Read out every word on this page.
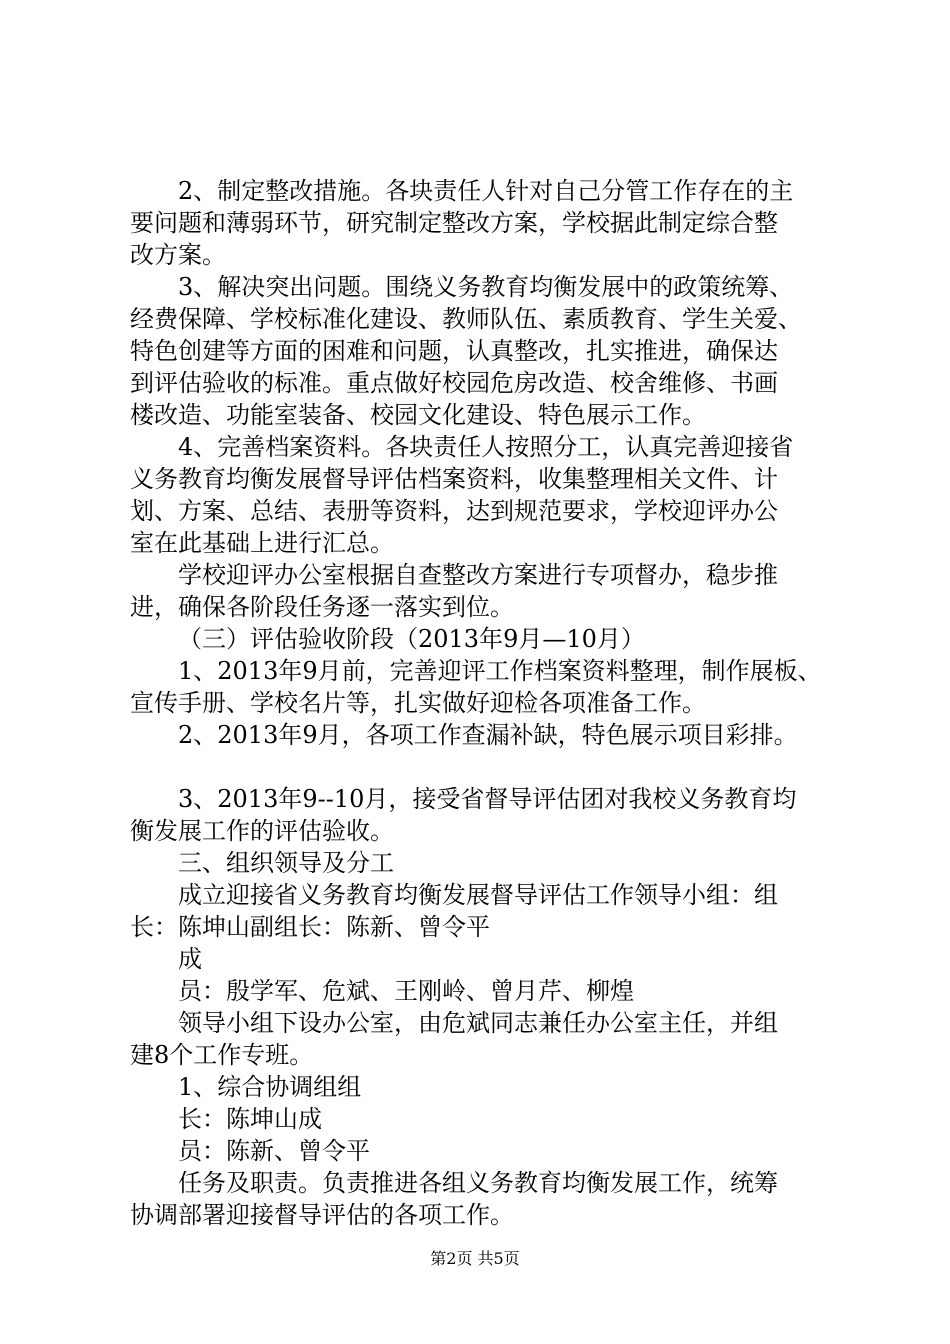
2、制定整改措施。各块责任人针对自己分管工作存在的主
要问题和薄弱环节，研究制定整改方案，学校据此制定综合整
改方案。
3、解决突出问题。围绕义务教育均衡发展中的政策统筹、
经费保障、学校标准化建设、教师队伍、素质教育、学生关爱、
特色创建等方面的困难和问题，认真整改，扎实推进，确保达
到评估验收的标准。重点做好校园危房改造、校舍维修、书画
楼改造、功能室装备、校园文化建设、特色展示工作。
4、完善档案资料。各块责任人按照分工，认真完善迎接省
义务教育均衡发展督导评估档案资料，收集整理相关文件、计
划、方案、总结、表册等资料，达到规范要求，学校迎评办公
室在此基础上进行汇总。
学校迎评办公室根据自查整改方案进行专项督办，稳步推
进，确保各阶段任务逐一落实到位。
（三）评估验收阶段（2013年9月—10月）
1、2013年9月前，完善迎评工作档案资料整理，制作展板、
宣传手册、学校名片等，扎实做好迎检各项准备工作。
2、2013年9月，各项工作查漏补缺，特色展示项目彩排。
3、2013年9--10月，接受省督导评估团对我校义务教育均
衡发展工作的评估验收。
三、组织领导及分工
成立迎接省义务教育均衡发展督导评估工作领导小组：组
长：陈坤山副组长：陈新、曾令平
成
员：殷学军、危斌、王刚岭、曾月芹、柳煌
领导小组下设办公室，由危斌同志兼任办公室主任，并组
建8个工作专班。
1、综合协调组组
长：陈坤山成
员：陈新、曾令平
任务及职责。负责推进各组义务教育均衡发展工作，统筹
协调部署迎接督导评估的各项工作。
第2页 共5页
